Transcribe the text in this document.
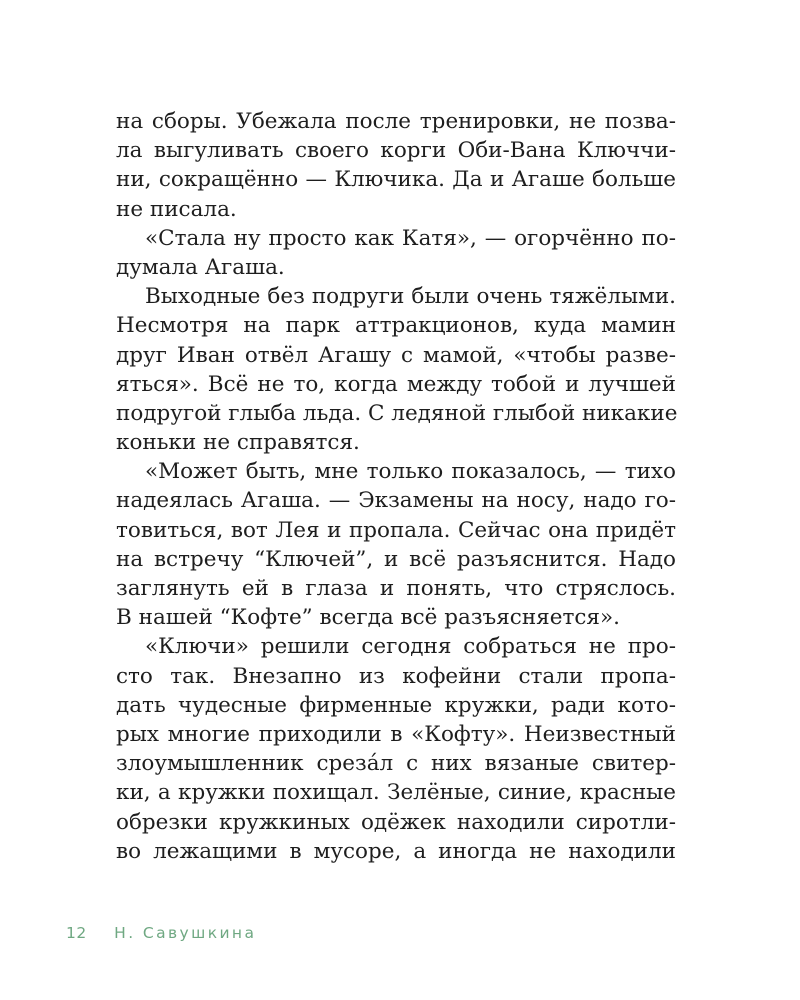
на сборы. Убежала после тренировки, не позва-
ла выгуливать своего корги Оби-Вана Ключчи-
ни, сокращённо — Ключика. Да и Агаше больше
не писала.
«Стала ну просто как Катя», — огорчённо по-
думала Агаша.
Выходные без подруги были очень тяжёлыми.
Несмотря на парк аттракционов, куда мамин
друг Иван отвёл Агашу с мамой, «чтобы разве-
яться». Всё не то, когда между тобой и лучшей
подругой глыба льда. С ледяной глыбой никакие
коньки не справятся.
«Может быть, мне только показалось, — тихо
надеялась Агаша. — Экзамены на носу, надо го-
товиться, вот Лея и пропала. Сейчас она придёт
на встречу “Ключей”, и всё разъяснится. Надо
заглянуть ей в глаза и понять, что стряслось.
В нашей “Кофте” всегда всё разъясняется».
«Ключи» решили сегодня собраться не про-
сто так. Внезапно из кофейни стали пропа-
дать чудесные фирменные кружки, ради кото-
рых многие приходили в «Кофту». Неизвестный
злоумышленник срезáл с них вязаные свитер-
ки, а кружки похищал. Зелёные, синие, красные
обрезки кружкиных одёжек находили сиротли-
во лежащими в мусоре, а иногда не находили
12 Н. Савушкина
